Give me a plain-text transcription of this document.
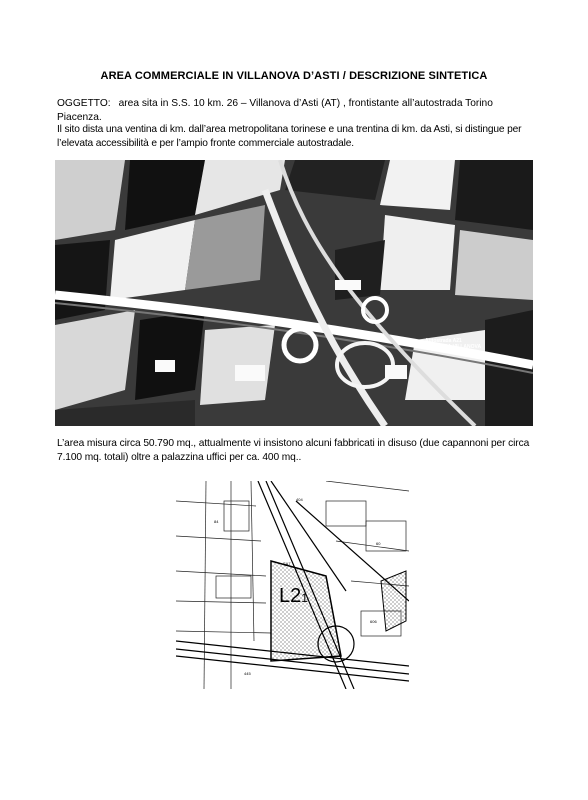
AREA COMMERCIALE IN VILLANOVA D’ASTI / DESCRIZIONE SINTETICA
OGGETTO: area sita in S.S. 10 km. 26 – Villanova d’Asti (AT) , frontistante all’autostrada Torino Piacenza.
Il sito dista una ventina di km. dall’area metropolitana torinese e una trentina di km. da Asti, si distingue per l’elevata accessibilità e per l’ampio fronte commerciale autostradale.
Autostrada A21
BARRIERA VILLANOVA
L’area misura circa 50.790 mq., attualmente vi insistono alcuni fabbricati in disuso (due capannoni per circa 7.100 mq. totali) oltre a palazzina uffici per ca. 400 mq..
L21
84
404
SA7
60
606
445
